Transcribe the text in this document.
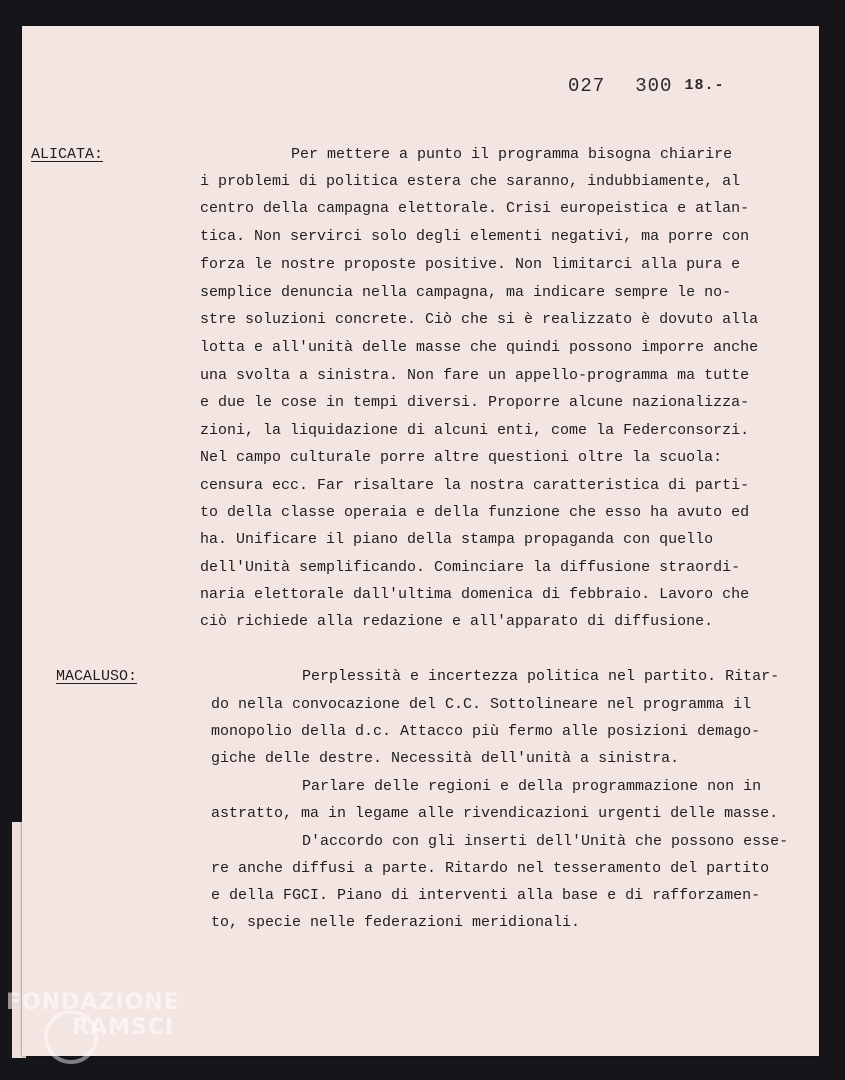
027 300 18.-
ALICATA:	Per mettere a punto il programma bisogna chiarire
i problemi di politica estera che saranno, indubbiamente, al
centro della campagna elettorale. Crisi europeistica e atlan-
tica. Non servirci solo degli elementi negativi, ma porre con
forza le nostre proposte positive. Non limitarci alla pura e
semplice denuncia nella campagna, ma indicare sempre le no-
stre soluzioni concrete. Ciò che si è realizzato è dovuto alla
lotta e all'unità delle masse che quindi possono imporre anche
una svolta a sinistra. Non fare un appello-programma ma tutte
e due le cose in tempi diversi. Proporre alcune nazionalizza-
zioni, la liquidazione di alcuni enti, come la Federconsorzi.
Nel campo culturale porre altre questioni oltre la scuola:
censura ecc. Far risaltare la nostra caratteristica di parti-
to della classe operaia e della funzione che esso ha avuto ed
ha. Unificare il piano della stampa propaganda con quello
dell'Unità semplificando. Cominciare la diffusione straordi-
naria elettorale dall'ultima domenica di febbraio. Lavoro che
ciò richiede alla redazione e all'apparato di diffusione.
MACALUSO:	Perplessità e incertezza politica nel partito. Ritar-
do nella convocazione del C.C. Sottolineare nel programma il
monopolio della d.c. Attacco più fermo alle posizioni demago-
giche delle destre. Necessità dell'unità a sinistra.
Parlare delle regioni e della programmazione non in
astratto, ma in legame alle rivendicazioni urgenti delle masse.
D'accordo con gli inserti dell'Unità che possono esse-
re anche diffusi a parte. Ritardo nel tesseramento del partito
e della FGCI. Piano di interventi alla base e di rafforzamen-
to, specie nelle federazioni meridionali.
FONDAZIONE
RAMSCI
